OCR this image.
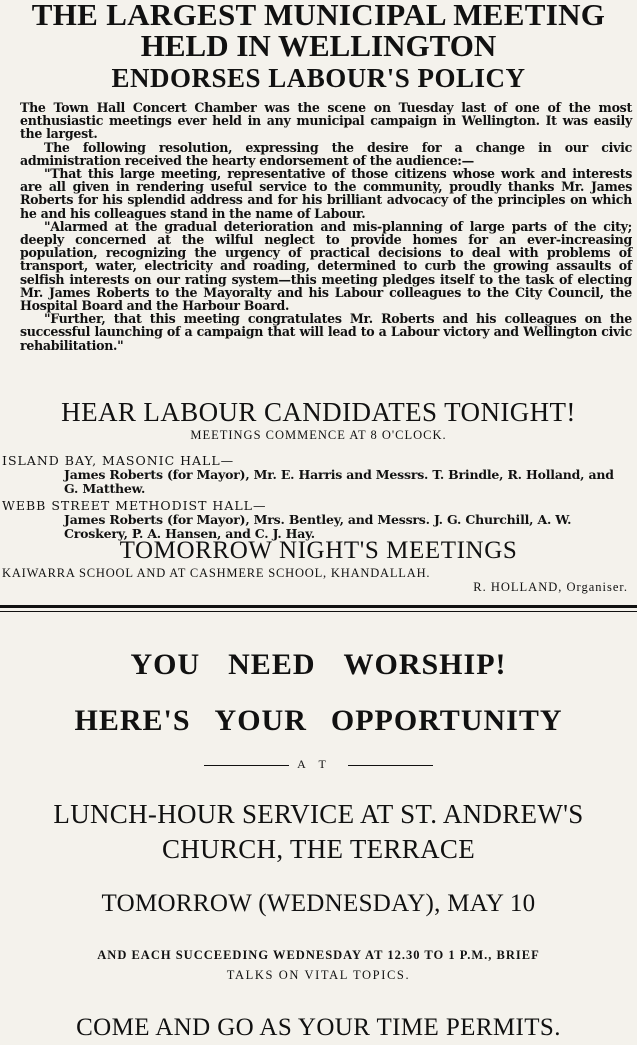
THE LARGEST MUNICIPAL MEETING
HELD IN WELLINGTON
ENDORSES LABOUR'S POLICY

The Town Hall Concert Chamber was the scene on Tuesday last of one of the most enthusiastic meetings ever held in any municipal campaign in Wellington. It was easily the largest.

The following resolution, expressing the desire for a change in our civic administration received the hearty endorsement of the audience:—

"That this large meeting, representative of those citizens whose work and interests are all given in rendering useful service to the community, proudly thanks Mr. James Roberts for his splendid address and for his brilliant advocacy of the principles on which he and his colleagues stand in the name of Labour.

"Alarmed at the gradual deterioration and mis-planning of large parts of the city; deeply concerned at the wilful neglect to provide homes for an ever-increasing population, recognizing the urgency of practical decisions to deal with problems of transport, water, electricity and roading, determined to curb the growing assaults of selfish interests on our rating system—this meeting pledges itself to the task of electing Mr. James Roberts to the Mayoralty and his Labour colleagues to the City Council, the Hospital Board and the Harbour Board.

"Further, that this meeting congratulates Mr. Roberts and his colleagues on the successful launching of a campaign that will lead to a Labour victory and Wellington civic rehabilitation."

HEAR LABOUR CANDIDATES TONIGHT!
MEETINGS COMMENCE AT 8 O'CLOCK.
ISLAND BAY, MASONIC HALL—
James Roberts (for Mayor), Mr. E. Harris and Messrs. T. Brindle, R. Holland, and G. Matthew.
WEBB STREET METHODIST HALL—
James Roberts (for Mayor), Mrs. Bentley, and Messrs. J. G. Churchill, A. W. Croskery, P. A. Hansen, and C. J. Hay.
TOMORROW NIGHT'S MEETINGS
KAIWARRA SCHOOL AND AT CASHMERE SCHOOL, KHANDALLAH.
R. HOLLAND, Organiser.
YOU NEED WORSHIP!
HERE'S YOUR OPPORTUNITY
AT
LUNCH-HOUR SERVICE AT ST. ANDREW'S
CHURCH, THE TERRACE
TOMORROW (WEDNESDAY), MAY 10
AND EACH SUCCEEDING WEDNESDAY AT 12.30 TO 1 P.M., BRIEF
TALKS ON VITAL TOPICS.
COME AND GO AS YOUR TIME PERMITS.
